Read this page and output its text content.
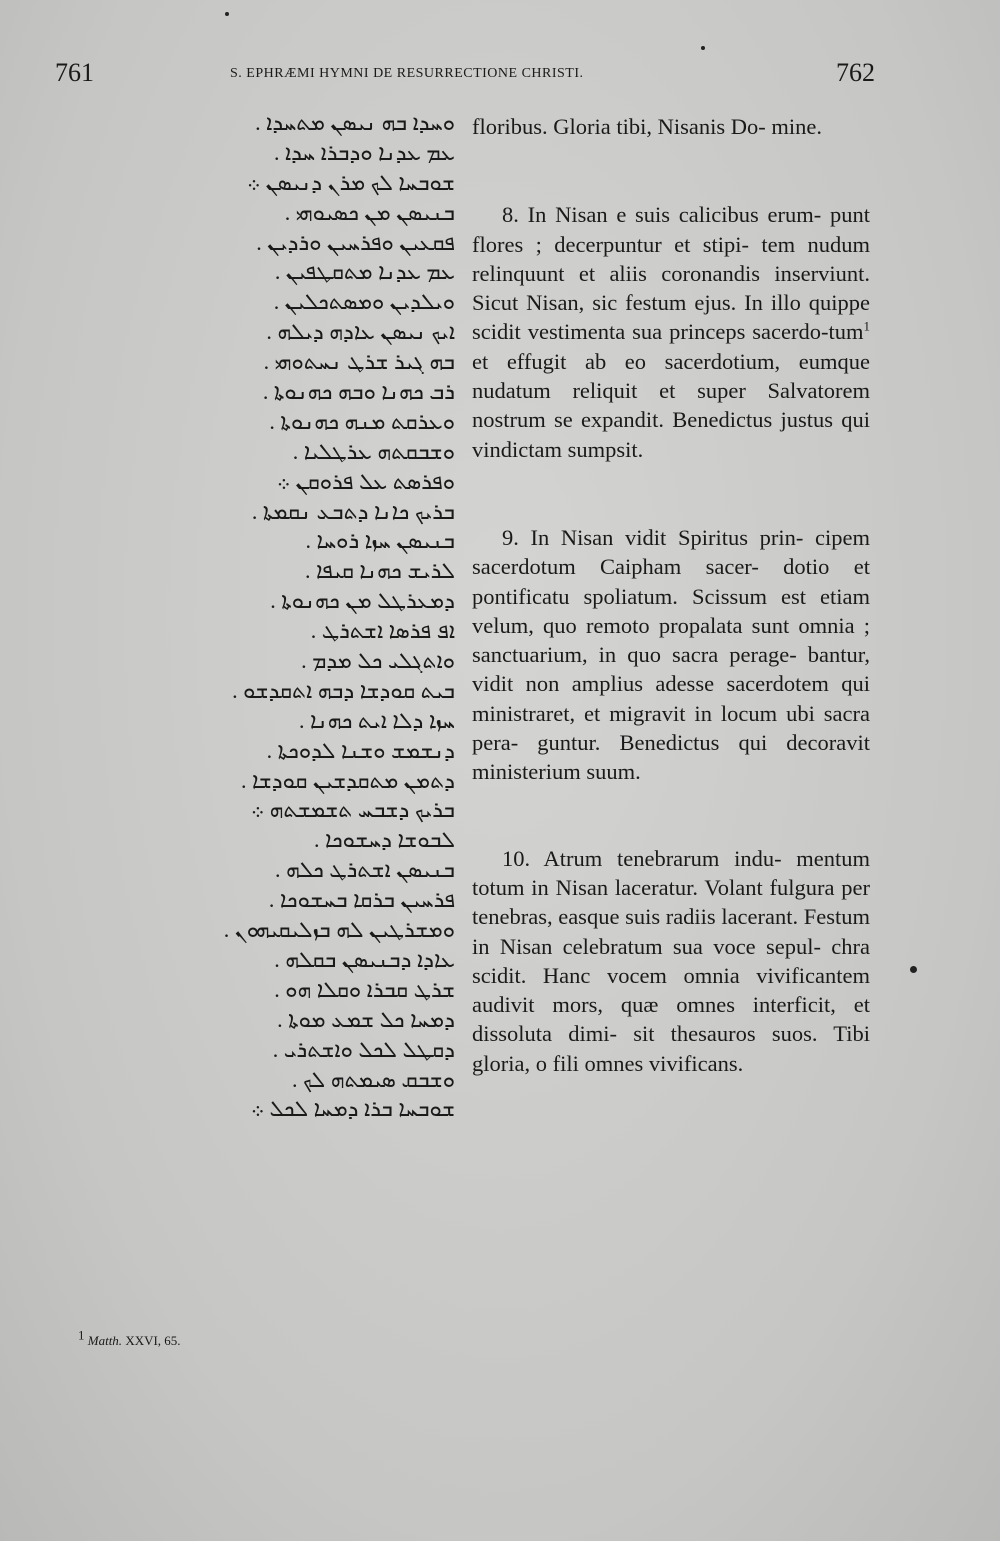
761	S. EPHRÆMI HYMNI DE RESURRECTIONE CHRISTI.	762
ܘܚܕܐ ܒܗ ܢܝܣܢ ܡܬܚܕܐ .
ܥܡ ܥܕܢܐ ܘܕܒܪܐ ܚܕܐ .
ܫܘܒܚܐ ܠܟ ܡܪܢ ܕܢܝܣܢ ܀
ܒܢܝܣܢ ܡܢ ܟܣܝܘܗܝ .
ܦܩܥܝܢ ܘܦܪܚܝܢ ܘܪܕܝܢ .
ܥܡ ܥܕܢܐ ܡܬܩܛܦܝܢ .
ܘܝܠܕܝܢ ܘܡܣܬܟܠܝܢ .
ܐܝܟ ܢܝܣܢ ܥܐܕܗ ܕܝܠܗ .
ܒܗ ܓܝܪ ܫܪܛ ܢܚܬܘܗܝ .
ܪܒ ܟܗܢܐ ܘܒܗ ܟܗܢܘܬܐ .
ܘܥܪܩܬ ܡܢܗ ܟܗܢܘܬܐ .
ܘܫܒܩܬܗ ܥܪܛܠܝܐ .
ܘܦܪܣܬ ܥܠ ܦܪܘܩܢ ܀
ܒܪܝܟ ܟܐܢܐ ܕܬܒܥ ܢܩܡܬܐ .
ܒܢܝܣܢ ܚܙܐ ܪܘܚܐ .
ܠܪܝܫ ܟܗܢܐ ܩܝܦܐ .
ܕܡܥܪܛܠ ܡܢ ܟܗܢܘܬܐ .
ܐܦ ܦܪܣܐ ܐܫܬܪܛ .
ܘܐܬܓܠܝ ܟܠ ܡܕܡ .
ܒܝܬ ܩܘܕܫܐ ܕܒܗ ܐܬܩܕܫܘ .
ܚܙܐ ܕܠܐ ܐܝܬ ܟܗܢܐ .
ܕܢܫܡܫ ܘܫܢܐ ܠܕܘܟܬܐ .
ܕܬܡܢ ܡܬܩܕܫܝܢ ܩܘܕܫܐ .
ܒܪܝܟ ܕܫܒܚ ܬܫܡܫܬܗ ܀
ܠܒܘܫܐ ܕܚܫܘܟܐ .
ܒܢܝܣܢ ܐܫܬܪܛ ܟܠܗ .
ܦܪܚܝܢ ܒܪܩܐ ܒܚܫܘܟܐ .
ܘܡܫܪܛܝܢ ܠܗ ܒܙܠܝܩܝܗܘܢ .
ܥܐܕܐ ܕܒܢܝܣܢ ܒܩܠܗ .
ܫܪܛ ܩܒܪܐ ܘܩܠܐ ܗܘ .
ܕܡܚܐ ܟܠ ܫܡܥ ܡܘܬܐ .
ܕܩܛܠ ܠܟܠ ܘܐܫܬܪܝ .
ܘܫܒܩ ܣܝܡܬܗ ܠܟ .
ܫܘܒܚܐ ܒܪܐ ܕܡܚܐ ܠܟܠ ܀

floribus. Gloria tibi, Nisanis Do- mine.

8. In Nisan e suis calicibus erum- punt flores ; decerpuntur et stipi- tem nudum relinquunt et aliis coronandis inserviunt. Sicut Nisan, sic festum ejus. In illo quippe scidit vestimenta sua princeps sacerdo-tum$^1$ et effugit ab eo sacerdotium, eumque nudatum reliquit et super Salvatorem nostrum se expandit. Benedictus justus qui vindictam sumpsit.

9. In Nisan vidit Spiritus prin- cipem sacerdotum Caipham sacer- dotio et pontificatu spoliatum. Scissum est etiam velum, quo remoto propalata sunt omnia ; sanctuarium, in quo sacra perage- bantur, vidit non amplius adesse sacerdotem qui ministraret, et migravit in locum ubi sacra pera- guntur. Benedictus qui decoravit ministerium suum.

10. Atrum tenebrarum indu- mentum totum in Nisan laceratur. Volant fulgura per tenebras, easque suis radiis lacerant. Festum in Nisan celebratum sua voce sepul- chra scidit. Hanc vocem omnia vivificantem audivit mors, quæ omnes interficit, et dissoluta dimi- sit thesauros suos. Tibi gloria, o fili omnes vivificans.

$^1$ Matth. XXVI, 65.
